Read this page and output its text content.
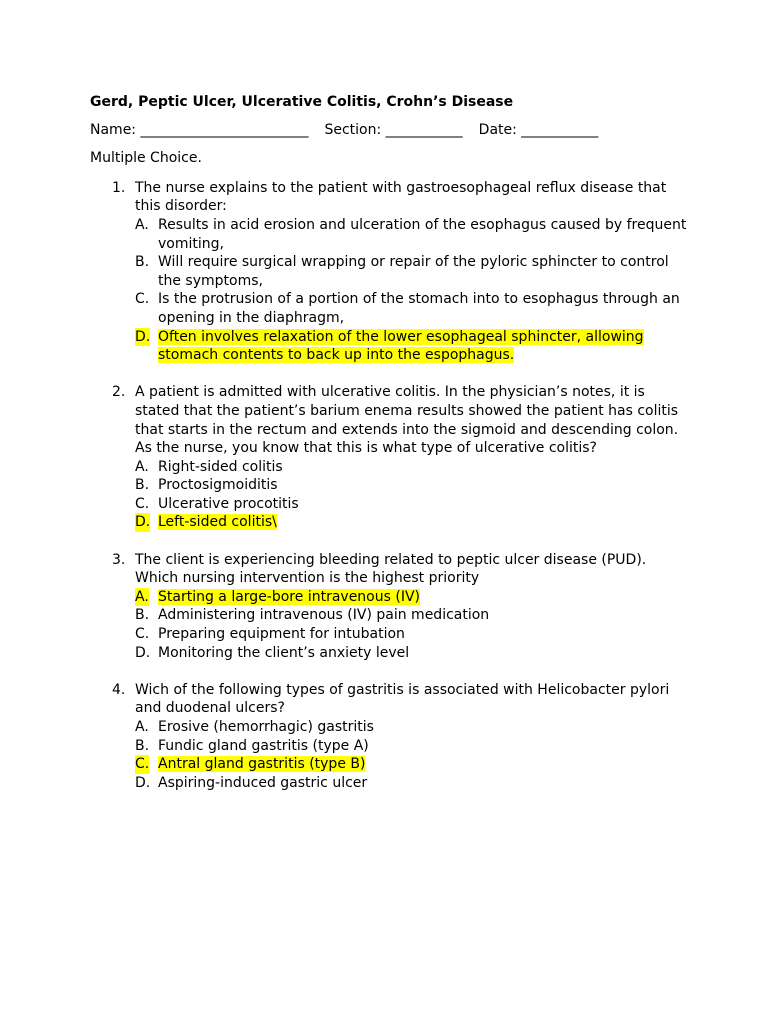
Gerd, Peptic Ulcer, Ulcerative Colitis, Crohn’s Disease
Name: ________________________ Section: ___________ Date: ___________
Multiple Choice.
1. The nurse explains to the patient with gastroesophageal reflux disease that this disorder:
A. Results in acid erosion and ulceration of the esophagus caused by frequent vomiting,
B. Will require surgical wrapping or repair of the pyloric sphincter to control the symptoms,
C. Is the protrusion of a portion of the stomach into to esophagus through an opening in the diaphragm,
D. Often involves relaxation of the lower esophageal sphincter, allowing stomach contents to back up into the espophagus.
2. A patient is admitted with ulcerative colitis. In the physician’s notes, it is stated that the patient’s barium enema results showed the patient has colitis that starts in the rectum and extends into the sigmoid and descending colon. As the nurse, you know that this is what type of ulcerative colitis?
A. Right-sided colitis
B. Proctosigmoiditis
C. Ulcerative procotitis
D. Left-sided colitis\
3. The client is experiencing bleeding related to peptic ulcer disease (PUD). Which nursing intervention is the highest priority
A. Starting a large-bore intravenous (IV)
B. Administering intravenous (IV) pain medication
C. Preparing equipment for intubation
D. Monitoring the client’s anxiety level
4. Wich of the following types of gastritis is associated with Helicobacter pylori and duodenal ulcers?
A. Erosive (hemorrhagic) gastritis
B. Fundic gland gastritis (type A)
C. Antral gland gastritis (type B)
D. Aspiring-induced gastric ulcer
